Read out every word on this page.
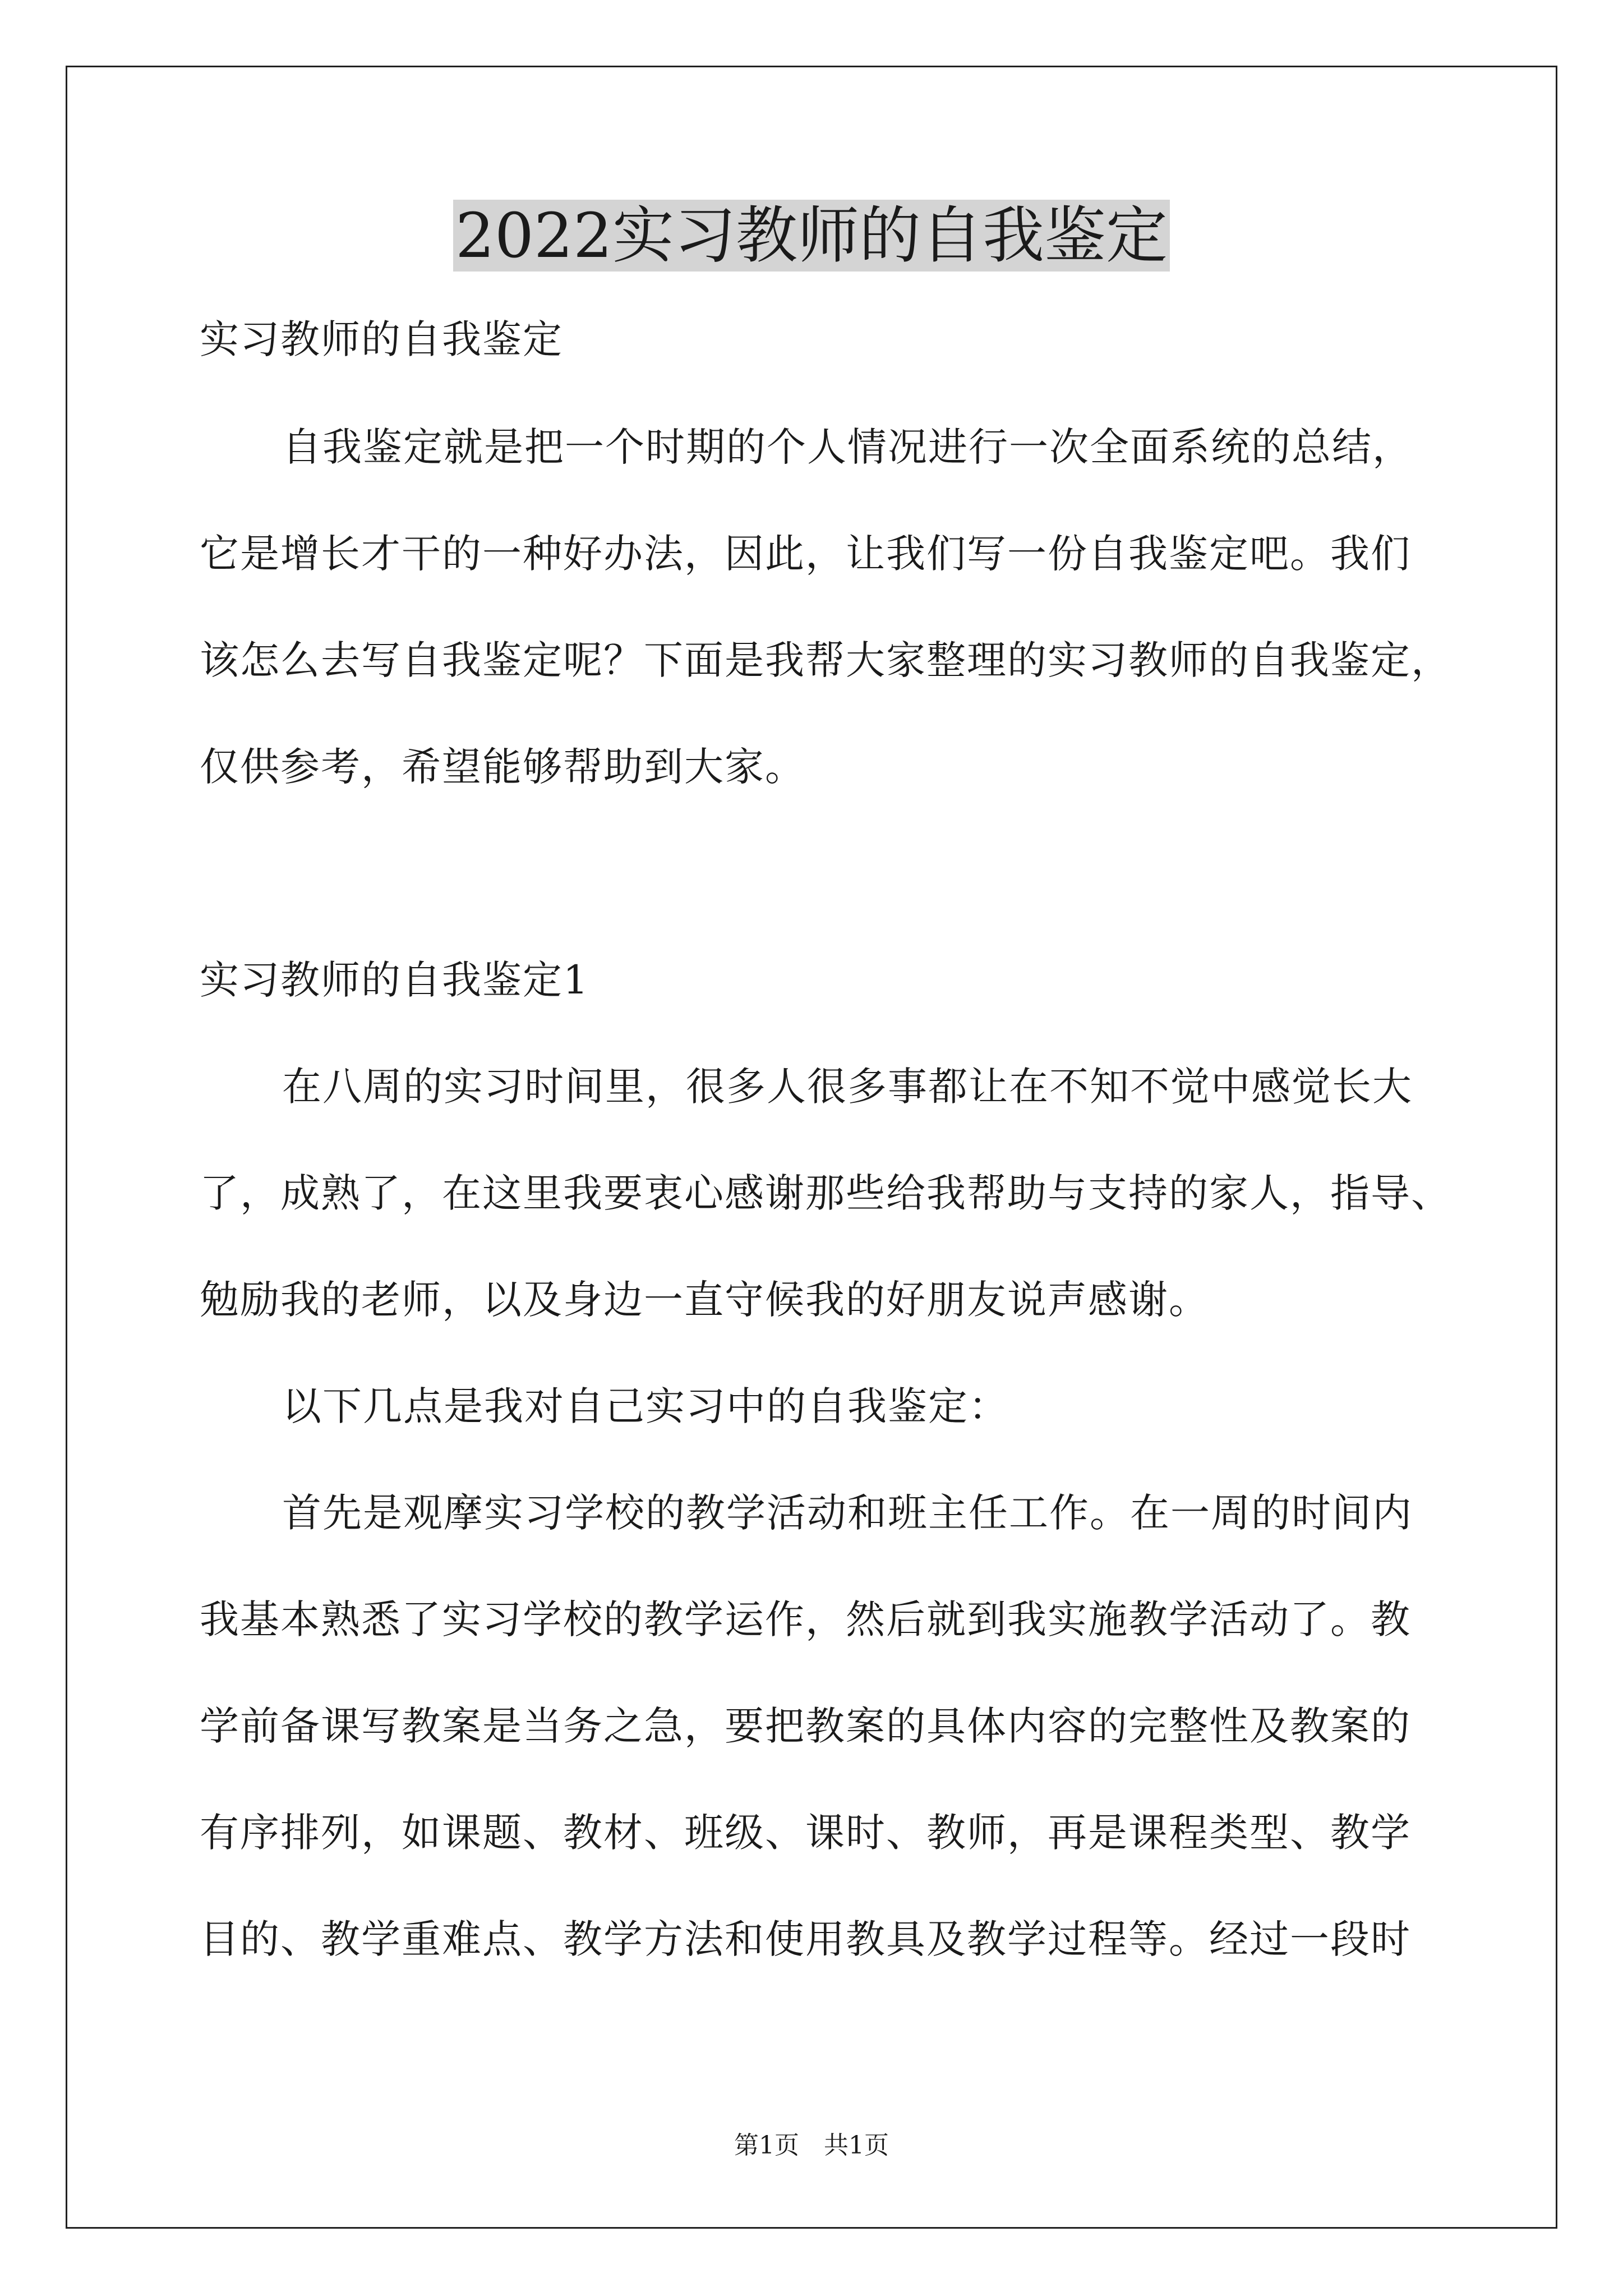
2022实习教师的自我鉴定

实习教师的自我鉴定

自我鉴定就是把一个时期的个人情况进行一次全面系统的总结，

它是增长才干的一种好办法，因此，让我们写一份自我鉴定吧。我们

该怎么去写自我鉴定呢？下面是我帮大家整理的实习教师的自我鉴定，

仅供参考，希望能够帮助到大家。

实习教师的自我鉴定1

在八周的实习时间里，很多人很多事都让在不知不觉中感觉长大

了，成熟了，在这里我要衷心感谢那些给我帮助与支持的家人，指导、

勉励我的老师，以及身边一直守候我的好朋友说声感谢。

以下几点是我对自己实习中的自我鉴定：

首先是观摩实习学校的教学活动和班主任工作。在一周的时间内

我基本熟悉了实习学校的教学运作，然后就到我实施教学活动了。教

学前备课写教案是当务之急，要把教案的具体内容的完整性及教案的

有序排列，如课题、教材、班级、课时、教师，再是课程类型、教学

目的、教学重难点、教学方法和使用教具及教学过程等。经过一段时

第1页 共1页
